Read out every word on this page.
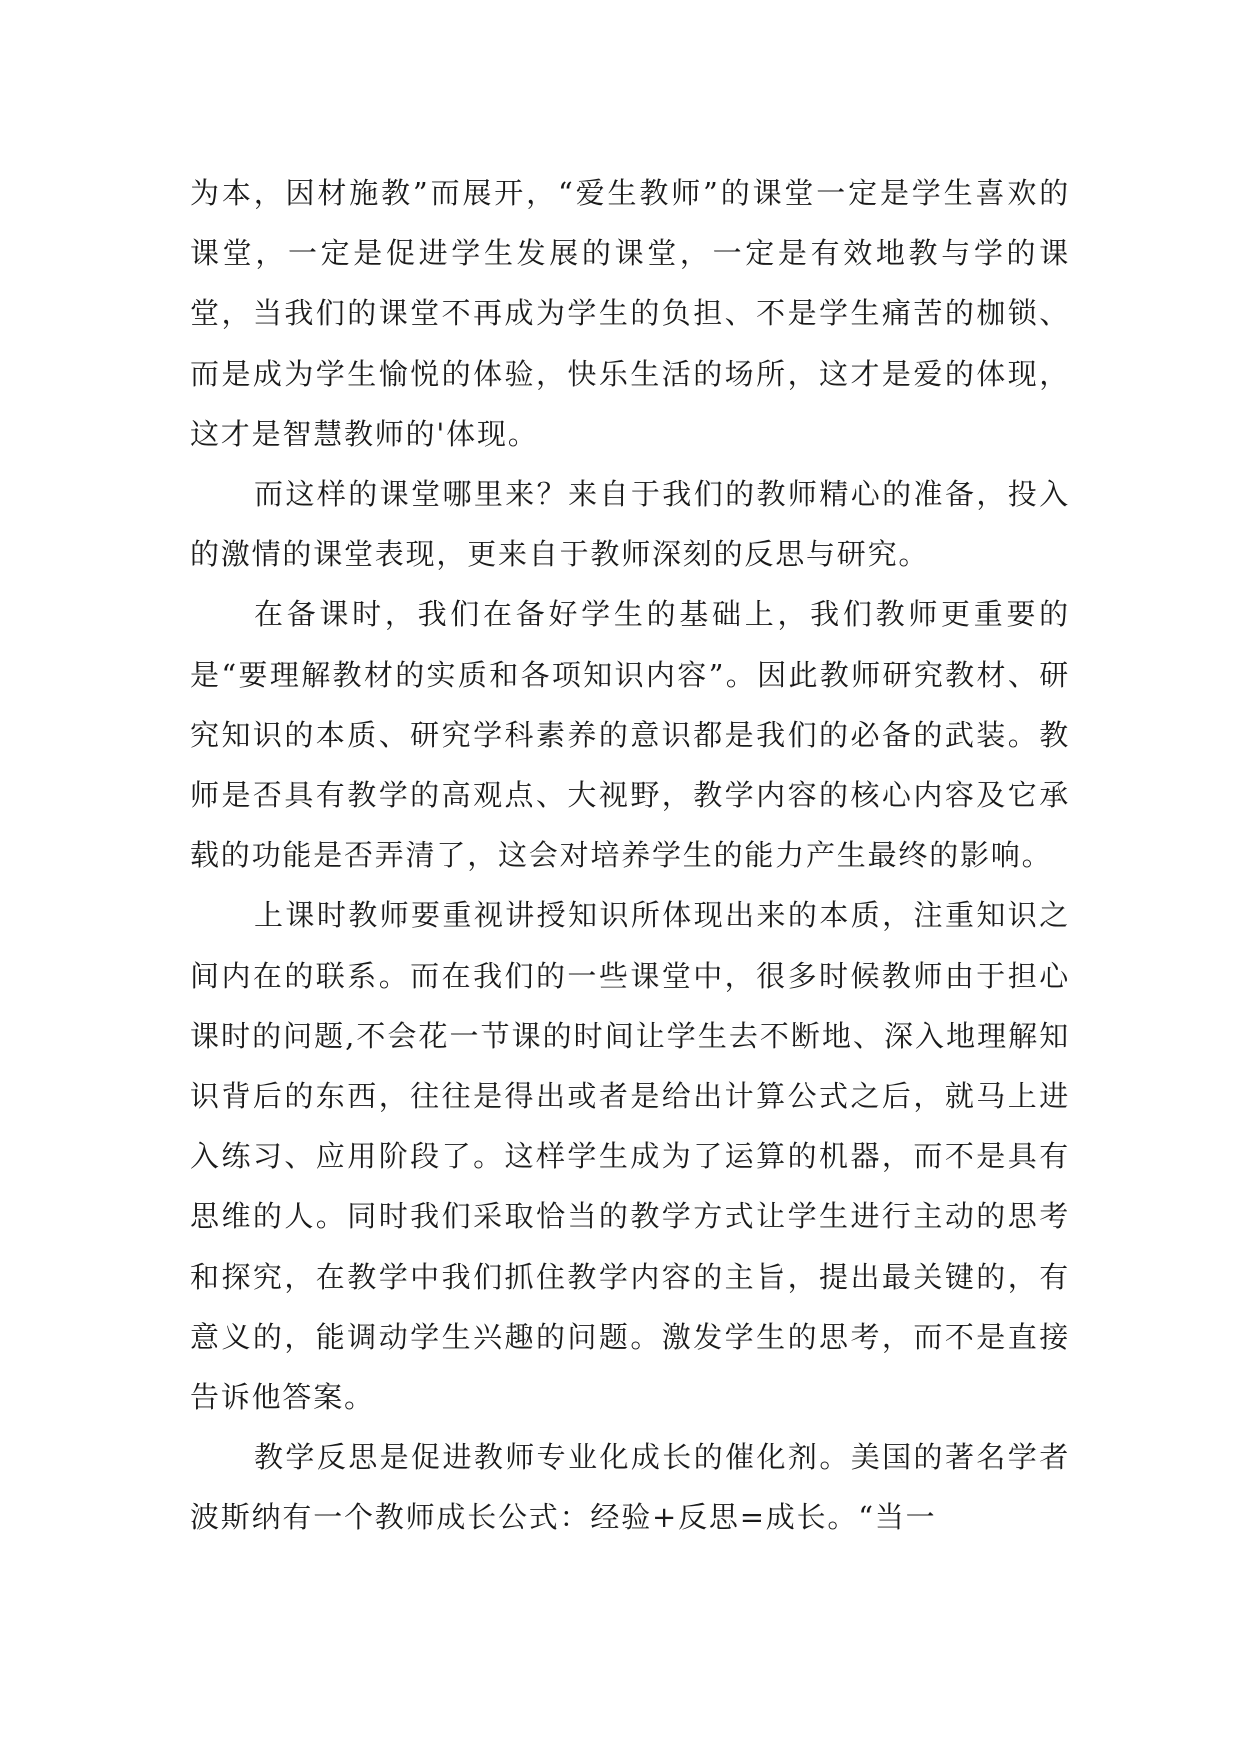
为本，因材施教”而展开，“爱生教师”的课堂一定是学生喜欢的课堂，一定是促进学生发展的课堂，一定是有效地教与学的课堂，当我们的课堂不再成为学生的负担、不是学生痛苦的枷锁、而是成为学生愉悦的体验，快乐生活的场所，这才是爱的体现，这才是智慧教师的'体现。

而这样的课堂哪里来？来自于我们的教师精心的准备，投入的激情的课堂表现，更来自于教师深刻的反思与研究。

在备课时，我们在备好学生的基础上，我们教师更重要的是“要理解教材的实质和各项知识内容”。因此教师研究教材、研究知识的本质、研究学科素养的意识都是我们的必备的武装。教师是否具有教学的高观点、大视野，教学内容的核心内容及它承载的功能是否弄清了，这会对培养学生的能力产生最终的影响。

上课时教师要重视讲授知识所体现出来的本质，注重知识之间内在的联系。而在我们的一些课堂中，很多时候教师由于担心课时的问题,不会花一节课的时间让学生去不断地、深入地理解知识背后的东西，往往是得出或者是给出计算公式之后，就马上进入练习、应用阶段了。这样学生成为了运算的机器，而不是具有思维的人。同时我们采取恰当的教学方式让学生进行主动的思考和探究，在教学中我们抓住教学内容的主旨，提出最关键的，有意义的，能调动学生兴趣的问题。激发学生的思考，而不是直接告诉他答案。

教学反思是促进教师专业化成长的催化剂。美国的著名学者波斯纳有一个教师成长公式：经验+反思=成长。“当一
